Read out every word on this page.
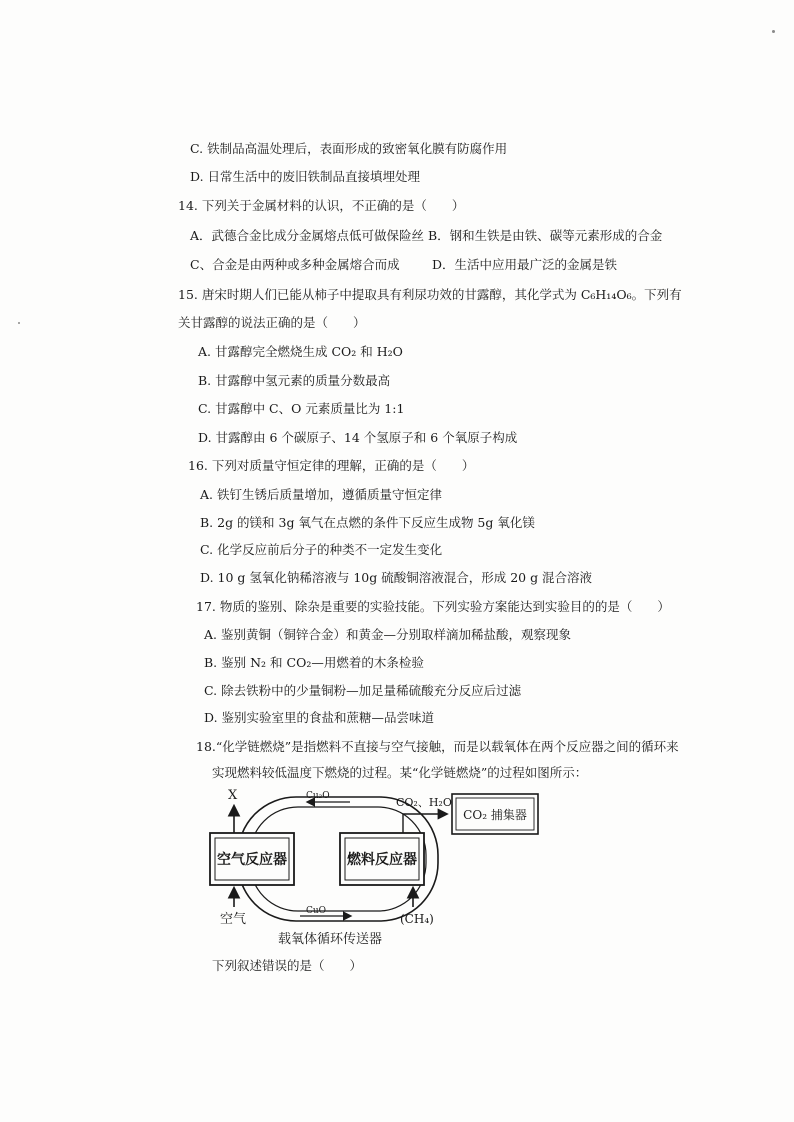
C. 铁制品高温处理后，表面形成的致密氧化膜有防腐作用
D. 日常生活中的废旧铁制品直接填埋处理
14. 下列关于金属材料的认识，不正确的是（　　）
A．武德合金比成分金属熔点低可做保险丝 B．钢和生铁是由铁、碳等元素形成的合金
C、合金是由两种或多种金属熔合而成	D．生活中应用最广泛的金属是铁
15. 唐宋时期人们已能从柿子中提取具有利尿功效的甘露醇，其化学式为 C₆H₁₄O₆。下列有
关甘露醇的说法正确的是（　　）
A. 甘露醇完全燃烧生成 CO₂ 和 H₂O
B. 甘露醇中氢元素的质量分数最高
C. 甘露醇中 C、O 元素质量比为 1:1
D. 甘露醇由 6 个碳原子、14 个氢原子和 6 个氧原子构成
16. 下列对质量守恒定律的理解，正确的是（　　）
A. 铁钉生锈后质量增加，遵循质量守恒定律
B. 2g 的镁和 3g 氧气在点燃的条件下反应生成物 5g 氧化镁
C. 化学反应前后分子的种类不一定发生变化
D. 10 g 氢氧化钠稀溶液与 10g 硫酸铜溶液混合，形成 20 g 混合溶液
17. 物质的鉴别、除杂是重要的实验技能。下列实验方案能达到实验目的的是（　　）
A. 鉴别黄铜（铜锌合金）和黄金—分别取样滴加稀盐酸，观察现象
B. 鉴别 N₂ 和 CO₂—用燃着的木条检验
C. 除去铁粉中的少量铜粉—加足量稀硫酸充分反应后过滤
D. 鉴别实验室里的食盐和蔗糖—品尝味道
18.“化学链燃烧”是指燃料不直接与空气接触，而是以载氧体在两个反应器之间的循环来
实现燃料较低温度下燃烧的过程。某“化学链燃烧”的过程如图所示：
空气反应器	燃料反应器
X
空气	(CH₄)
CO₂、H₂O
CO₂ 捕集器
Cu₂O
CuO
载氧体循环传送器
下列叙述错误的是（　　）
